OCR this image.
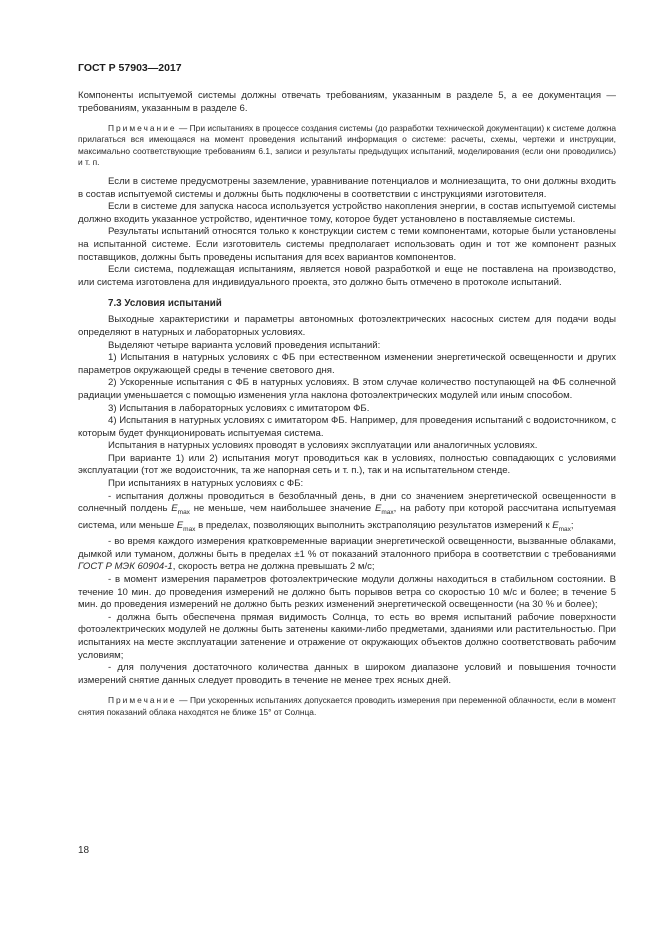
ГОСТ Р 57903—2017

Компоненты испытуемой системы должны отвечать требованиям, указанным в разделе 5, а ее документация — требованиям, указанным в разделе 6.

Примечание — При испытаниях в процессе создания системы (до разработки технической документации) к системе должна прилагаться вся имеющаяся на момент проведения испытаний информация о системе: расчеты, схемы, чертежи и инструкции, максимально соответствующие требованиям 6.1, записи и результаты предыдущих испытаний, моделирования (если они проводились) и т. п.

Если в системе предусмотрены заземление, уравнивание потенциалов и молниезащита, то они должны входить в состав испытуемой системы и должны быть подключены в соответствии с инструкциями изготовителя.

Если в системе для запуска насоса используется устройство накопления энергии, в состав испытуемой системы должно входить указанное устройство, идентичное тому, которое будет установлено в поставляемые системы.

Результаты испытаний относятся только к конструкции систем с теми компонентами, которые были установлены на испытанной системе. Если изготовитель системы предполагает использовать один и тот же компонент разных поставщиков, должны быть проведены испытания для всех вариантов компонентов.

Если система, подлежащая испытаниям, является новой разработкой и еще не поставлена на производство, или система изготовлена для индивидуального проекта, это должно быть отмечено в протоколе испытаний.

7.3 Условия испытаний

Выходные характеристики и параметры автономных фотоэлектрических насосных систем для подачи воды определяют в натурных и лабораторных условиях.

Выделяют четыре варианта условий проведения испытаний:

1) Испытания в натурных условиях с ФБ при естественном изменении энергетической освещенности и других параметров окружающей среды в течение светового дня.

2) Ускоренные испытания с ФБ в натурных условиях. В этом случае количество поступающей на ФБ солнечной радиации уменьшается с помощью изменения угла наклона фотоэлектрических модулей или иным способом.

3) Испытания в лабораторных условиях с имитатором ФБ.

4) Испытания в натурных условиях с имитатором ФБ. Например, для проведения испытаний с водоисточником, с которым будет функционировать испытуемая система.

Испытания в натурных условиях проводят в условиях эксплуатации или аналогичных условиях.

При варианте 1) или 2) испытания могут проводиться как в условиях, полностью совпадающих с условиями эксплуатации (тот же водоисточник, та же напорная сеть и т. п.), так и на испытательном стенде.

При испытаниях в натурных условиях с ФБ:

- испытания должны проводиться в безоблачный день, в дни со значением энергетической освещенности в солнечный полдень $E_{max}$ не меньше, чем наибольшее значение $E_{max}$, на работу при которой рассчитана испытуемая система, или меньше $E_{max}$ в пределах, позволяющих выполнить экстраполяцию результатов измерений к $E_{max}$;

- во время каждого измерения кратковременные вариации энергетической освещенности, вызванные облаками, дымкой или туманом, должны быть в пределах ±1 % от показаний эталонного прибора в соответствии с требованиями ГОСТ Р МЭК 60904-1, скорость ветра не должна превышать 2 м/с;

- в момент измерения параметров фотоэлектрические модули должны находиться в стабильном состоянии. В течение 10 мин. до проведения измерений не должно быть порывов ветра со скоростью 10 м/с и более; в течение 5 мин. до проведения измерений не должно быть резких изменений энергетической освещенности (на 30 % и более);

- должна быть обеспечена прямая видимость Солнца, то есть во время испытаний рабочие поверхности фотоэлектрических модулей не должны быть затенены какими-либо предметами, зданиями или растительностью. При испытаниях на месте эксплуатации затенение и отражение от окружающих объектов должно соответствовать рабочим условиям;

- для получения достаточного количества данных в широком диапазоне условий и повышения точности измерений снятие данных следует проводить в течение не менее трех ясных дней.

Примечание — При ускоренных испытаниях допускается проводить измерения при переменной облачности, если в момент снятия показаний облака находятся не ближе 15° от Солнца.

18
